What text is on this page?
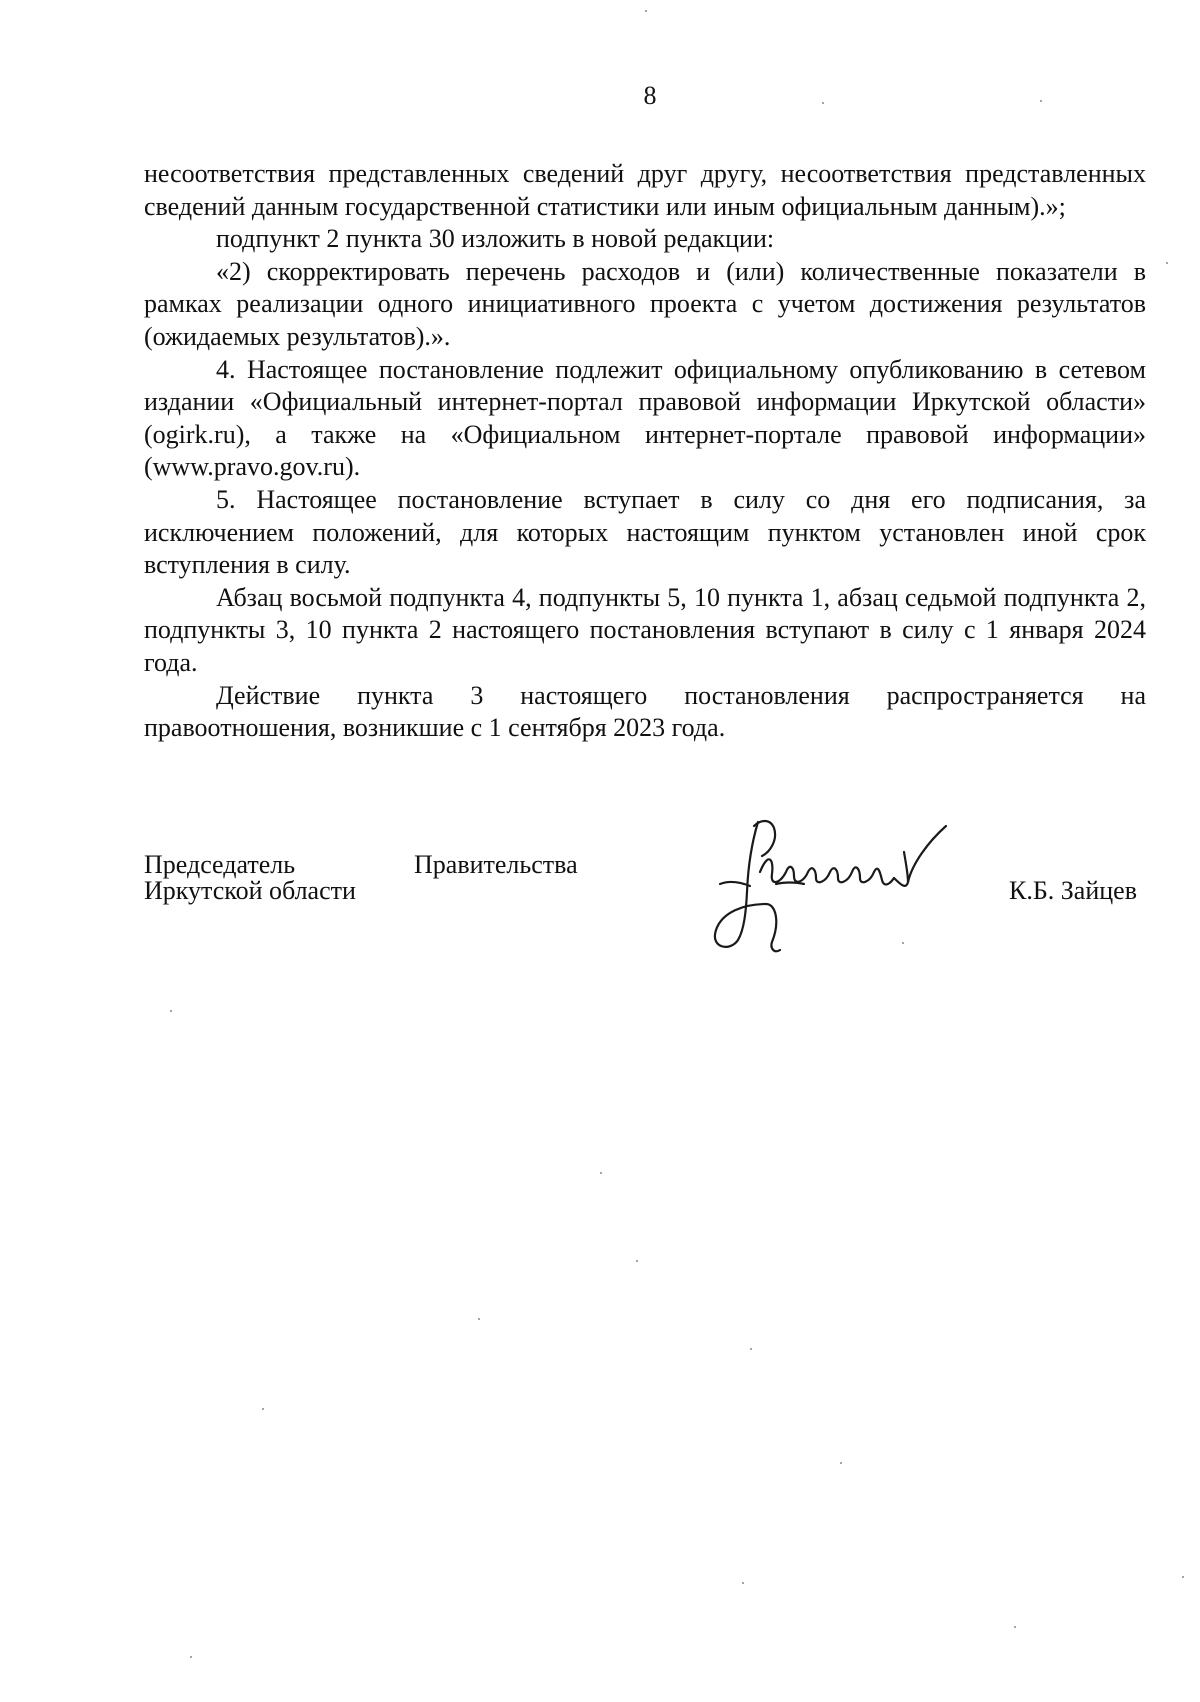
8

несоответствия представленных сведений друг другу, несоответствия представленных сведений данным государственной статистики или иным официальным данным).»;

подпункт 2 пункта 30 изложить в новой редакции:

«2) скорректировать перечень расходов и (или) количественные показатели в рамках реализации одного инициативного проекта с учетом достижения результатов (ожидаемых результатов).».

4. Настоящее постановление подлежит официальному опубликованию в сетевом издании «Официальный интернет-портал правовой информации Иркутской области» (ogirk.ru), а также на «Официальном интернет-портале правовой информации» (www.pravo.gov.ru).

5. Настоящее постановление вступает в силу со дня его подписания, за исключением положений, для которых настоящим пунктом установлен иной срок вступления в силу.

Абзац восьмой подпункта 4, подпункты 5, 10 пункта 1, абзац седьмой подпункта 2, подпункты 3, 10 пункта 2 настоящего постановления вступают в силу с 1 января 2024 года.

Действие пункта 3 настоящего постановления распространяется на правоотношения, возникшие с 1 сентября 2023 года.

Председатель
Иркутской области
Правительства
К.Б. Зайцев
